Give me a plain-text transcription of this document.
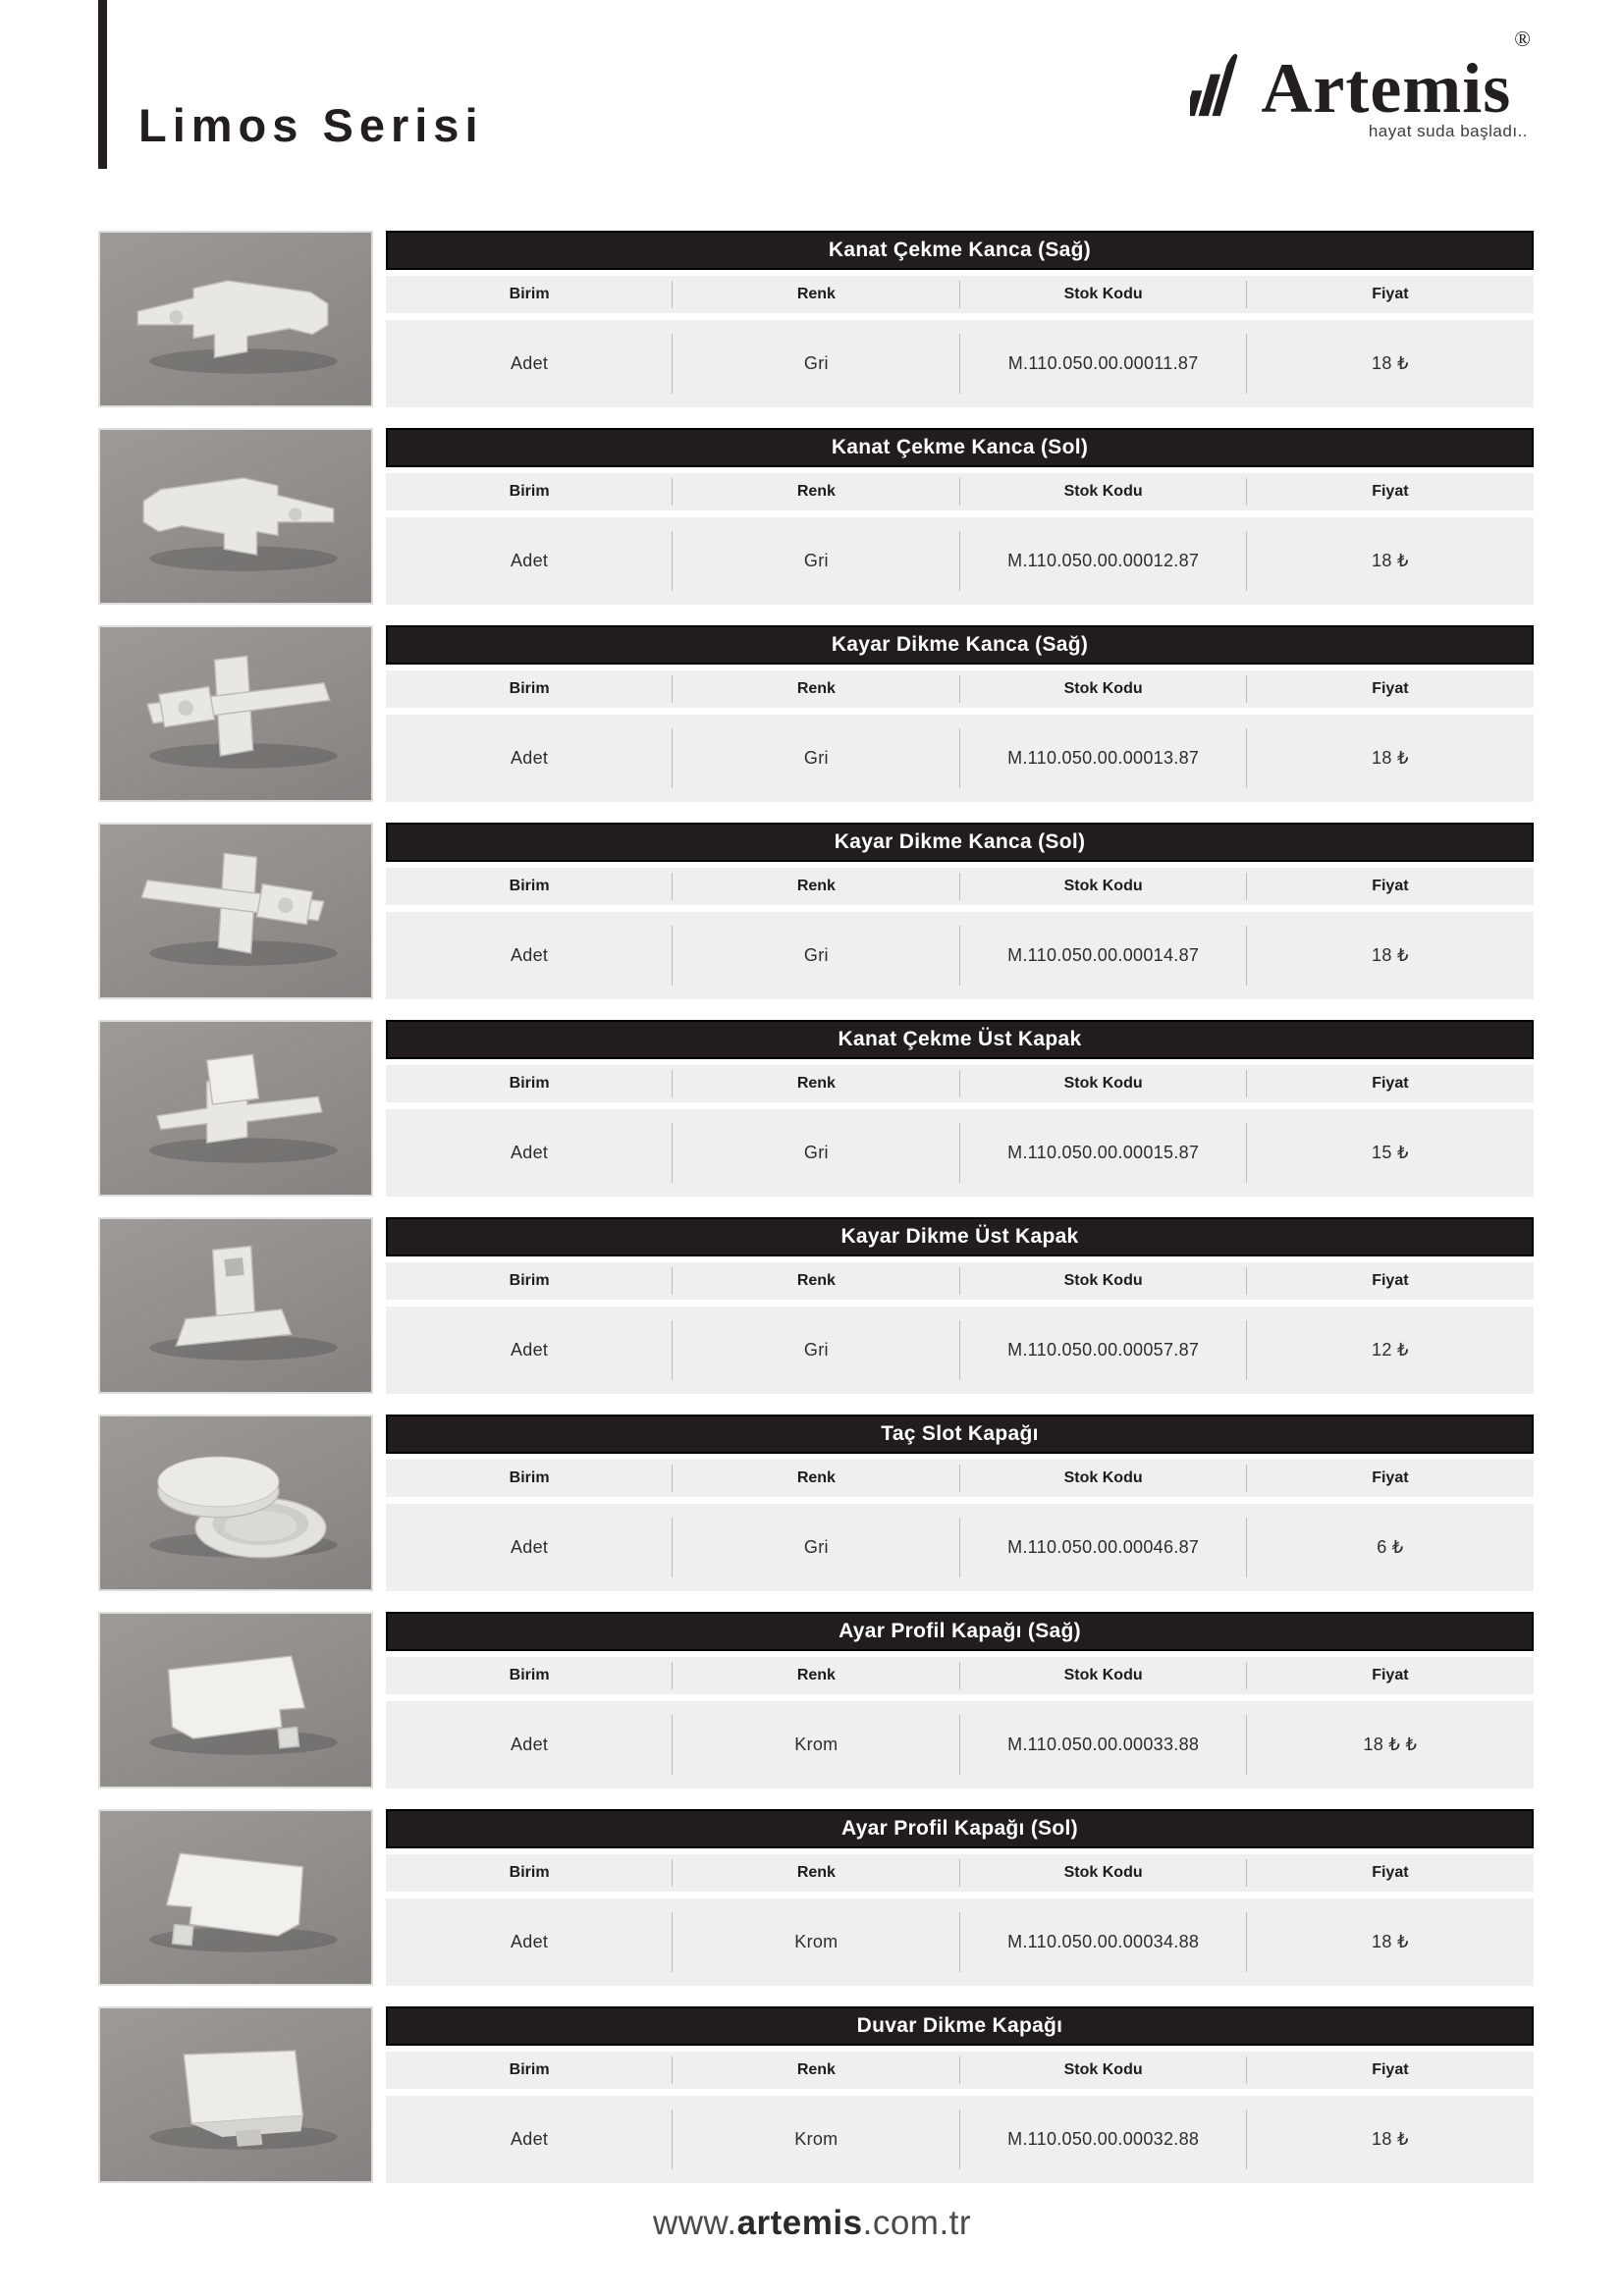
Limos Serisi	Artemis®
hayat suda başladı..
Kanat Çekme Kanca (Sağ)
Birim	Renk	Stok Kodu	Fiyat
Adet	Gri	M.110.050.00.00011.87	18 ₺
Kanat Çekme Kanca (Sol)
Birim	Renk	Stok Kodu	Fiyat
Adet	Gri	M.110.050.00.00012.87	18 ₺
Kayar Dikme Kanca (Sağ)
Birim	Renk	Stok Kodu	Fiyat
Adet	Gri	M.110.050.00.00013.87	18 ₺
Kayar Dikme Kanca (Sol)
Birim	Renk	Stok Kodu	Fiyat
Adet	Gri	M.110.050.00.00014.87	18 ₺
Kanat Çekme Üst Kapak
Birim	Renk	Stok Kodu	Fiyat
Adet	Gri	M.110.050.00.00015.87	15 ₺
Kayar Dikme Üst Kapak
Birim	Renk	Stok Kodu	Fiyat
Adet	Gri	M.110.050.00.00057.87	12 ₺
Taç Slot Kapağı
Birim	Renk	Stok Kodu	Fiyat
Adet	Gri	M.110.050.00.00046.87	6 ₺
Ayar Profil Kapağı (Sağ)
Birim	Renk	Stok Kodu	Fiyat
Adet	Krom	M.110.050.00.00033.88	18 ₺ ₺
Ayar Profil Kapağı (Sol)
Birim	Renk	Stok Kodu	Fiyat
Adet	Krom	M.110.050.00.00034.88	18 ₺
Duvar Dikme Kapağı
Birim	Renk	Stok Kodu	Fiyat
Adet	Krom	M.110.050.00.00032.88	18 ₺
www.artemis.com.tr
